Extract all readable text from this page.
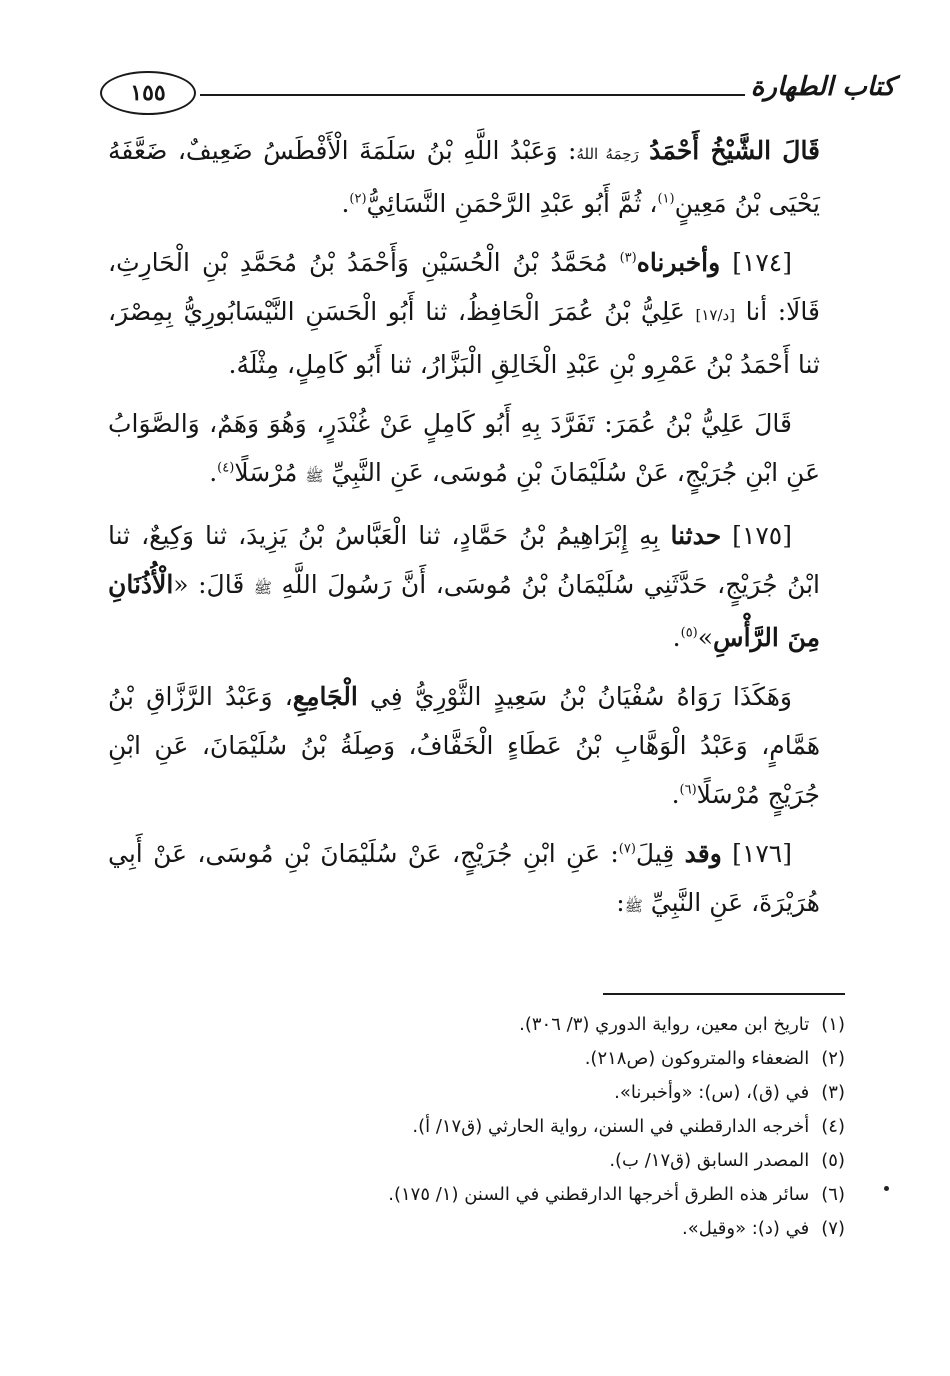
كتاب الطهارة
١٥٥

قَالَ الشَّيْخُ أَحْمَدُ رَحِمَهُ اللهُ: وَعَبْدُ اللَّهِ بْنُ سَلَمَةَ الْأَفْطَسُ ضَعِيفٌ، ضَعَّفَهُ يَحْيَى بْنُ مَعِينٍ$^{(١)}$، ثُمَّ أَبُو عَبْدِ الرَّحْمَنِ النَّسَائِيُّ$^{(٢)}$.

[١٧٤] وأخبرناه$^{(٣)}$ مُحَمَّدُ بْنُ الْحُسَيْنِ وَأَحْمَدُ بْنُ مُحَمَّدِ بْنِ الْحَارِثِ، قَالَا: أنا [د/١٧] عَلِيُّ بْنُ عُمَرَ الْحَافِظُ، ثنا أَبُو الْحَسَنِ النَّيْسَابُورِيُّ بِمِصْرَ، ثنا أَحْمَدُ بْنُ عَمْرِو بْنِ عَبْدِ الْخَالِقِ الْبَزَّارُ، ثنا أَبُو كَامِلٍ، مِثْلَهُ.

قَالَ عَلِيُّ بْنُ عُمَرَ: تَفَرَّدَ بِهِ أَبُو كَامِلٍ عَنْ غُنْدَرٍ، وَهُوَ وَهَمٌ، وَالصَّوَابُ عَنِ ابْنِ جُرَيْجٍ، عَنْ سُلَيْمَانَ بْنِ مُوسَى، عَنِ النَّبِيِّ ﷺ مُرْسَلًا$^{(٤)}$.

[١٧٥] حدثنا بِهِ إِبْرَاهِيمُ بْنُ حَمَّادٍ، ثنا الْعَبَّاسُ بْنُ يَزِيدَ، ثنا وَكِيعٌ، ثنا ابْنُ جُرَيْجٍ، حَدَّثَنِي سُلَيْمَانُ بْنُ مُوسَى، أَنَّ رَسُولَ اللَّهِ ﷺ قَالَ: «الْأُذُنَانِ مِنَ الرَّأْسِ»$^{(٥)}$.

وَهَكَذَا رَوَاهُ سُفْيَانُ بْنُ سَعِيدٍ الثَّوْرِيُّ فِي الْجَامِعِ، وَعَبْدُ الرَّزَّاقِ بْنُ هَمَّامٍ، وَعَبْدُ الْوَهَّابِ بْنُ عَطَاءٍ الْخَفَّافُ، وَصِلَةُ بْنُ سُلَيْمَانَ، عَنِ ابْنِ جُرَيْجٍ مُرْسَلًا$^{(٦)}$.

[١٧٦] وقد قِيلَ$^{(٧)}$: عَنِ ابْنِ جُرَيْجٍ، عَنْ سُلَيْمَانَ بْنِ مُوسَى، عَنْ أَبِي هُرَيْرَةَ، عَنِ النَّبِيِّ ﷺ:

(١) تاريخ ابن معين، رواية الدوري (٣/ ٣٠٦).
(٢) الضعفاء والمتروكون (ص٢١٨).
(٣) في (ق)، (س): «وأخبرنا».
(٤) أخرجه الدارقطني في السنن، رواية الحارثي (ق١٧/ أ).
(٥) المصدر السابق (ق١٧/ ب).
(٦) سائر هذه الطرق أخرجها الدارقطني في السنن (١/ ١٧٥).
(٧) في (د): «وقيل».
